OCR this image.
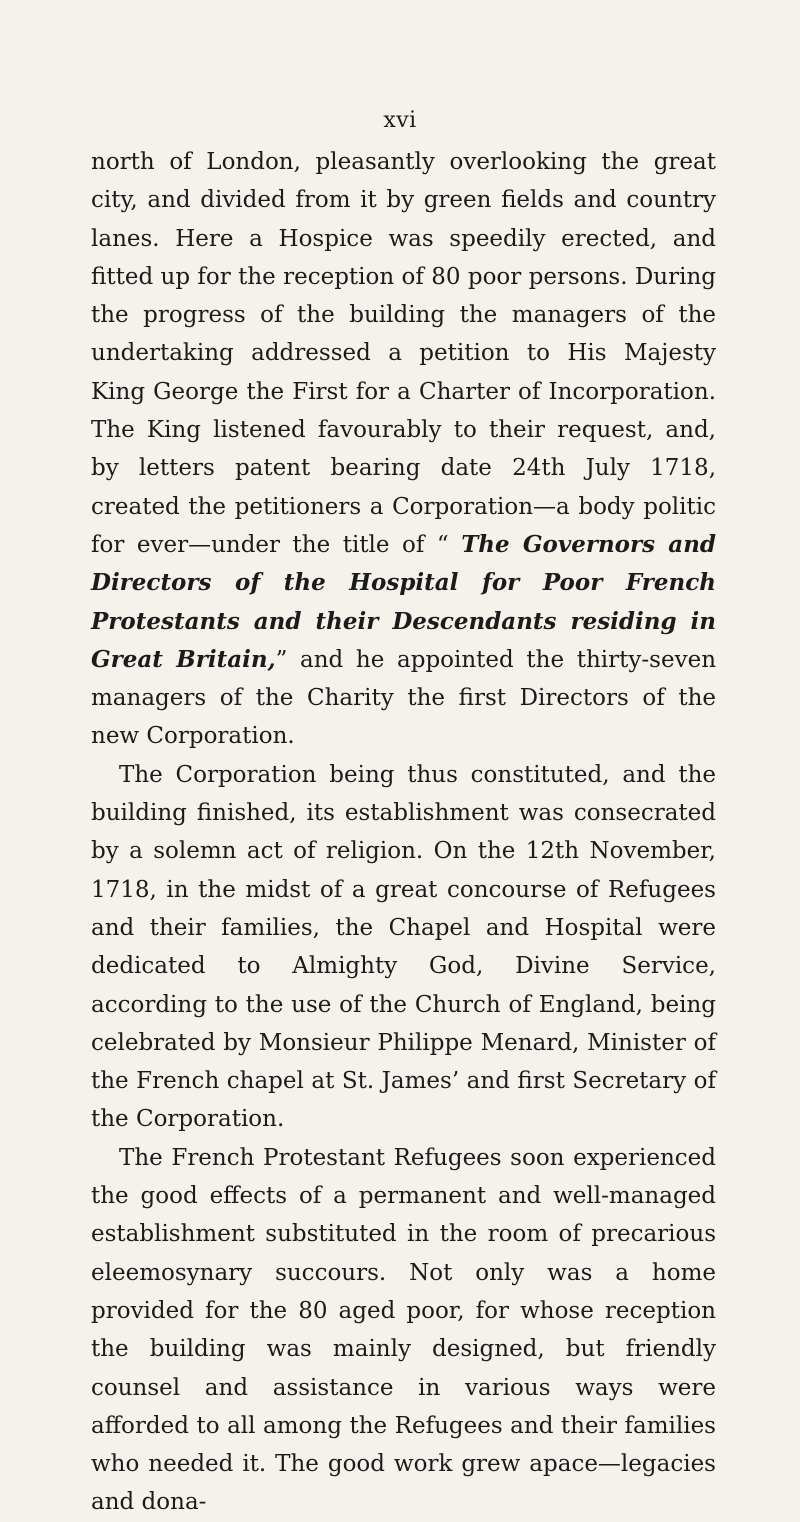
xvi

north of London, pleasantly overlooking the great city, and divided from it by green fields and country lanes. Here a Hospice was speedily erected, and fitted up for the reception of 80 poor persons. During the progress of the building the managers of the undertaking addressed a petition to His Majesty King George the First for a Charter of Incorporation. The King listened favourably to their request, and, by letters patent bearing date 24th July 1718, created the petitioners a Corporation—a body politic for ever—under the title of “ The Governors and Directors of the Hospital for Poor French Protestants and their Descendants residing in Great Britain,” and he appointed the thirty-seven managers of the Charity the first Directors of the new Corporation.

The Corporation being thus constituted, and the building finished, its establishment was consecrated by a solemn act of religion. On the 12th November, 1718, in the midst of a great concourse of Refugees and their families, the Chapel and Hospital were dedicated to Almighty God, Divine Service, according to the use of the Church of England, being celebrated by Monsieur Philippe Menard, Minister of the French chapel at St. James’ and first Secretary of the Corporation.

The French Protestant Refugees soon experienced the good effects of a permanent and well-managed establishment substituted in the room of precarious eleemosynary succours. Not only was a home provided for the 80 aged poor, for whose reception the building was mainly designed, but friendly counsel and assistance in various ways were afforded to all among the Refugees and their families who needed it. The good work grew apace—legacies and dona-
